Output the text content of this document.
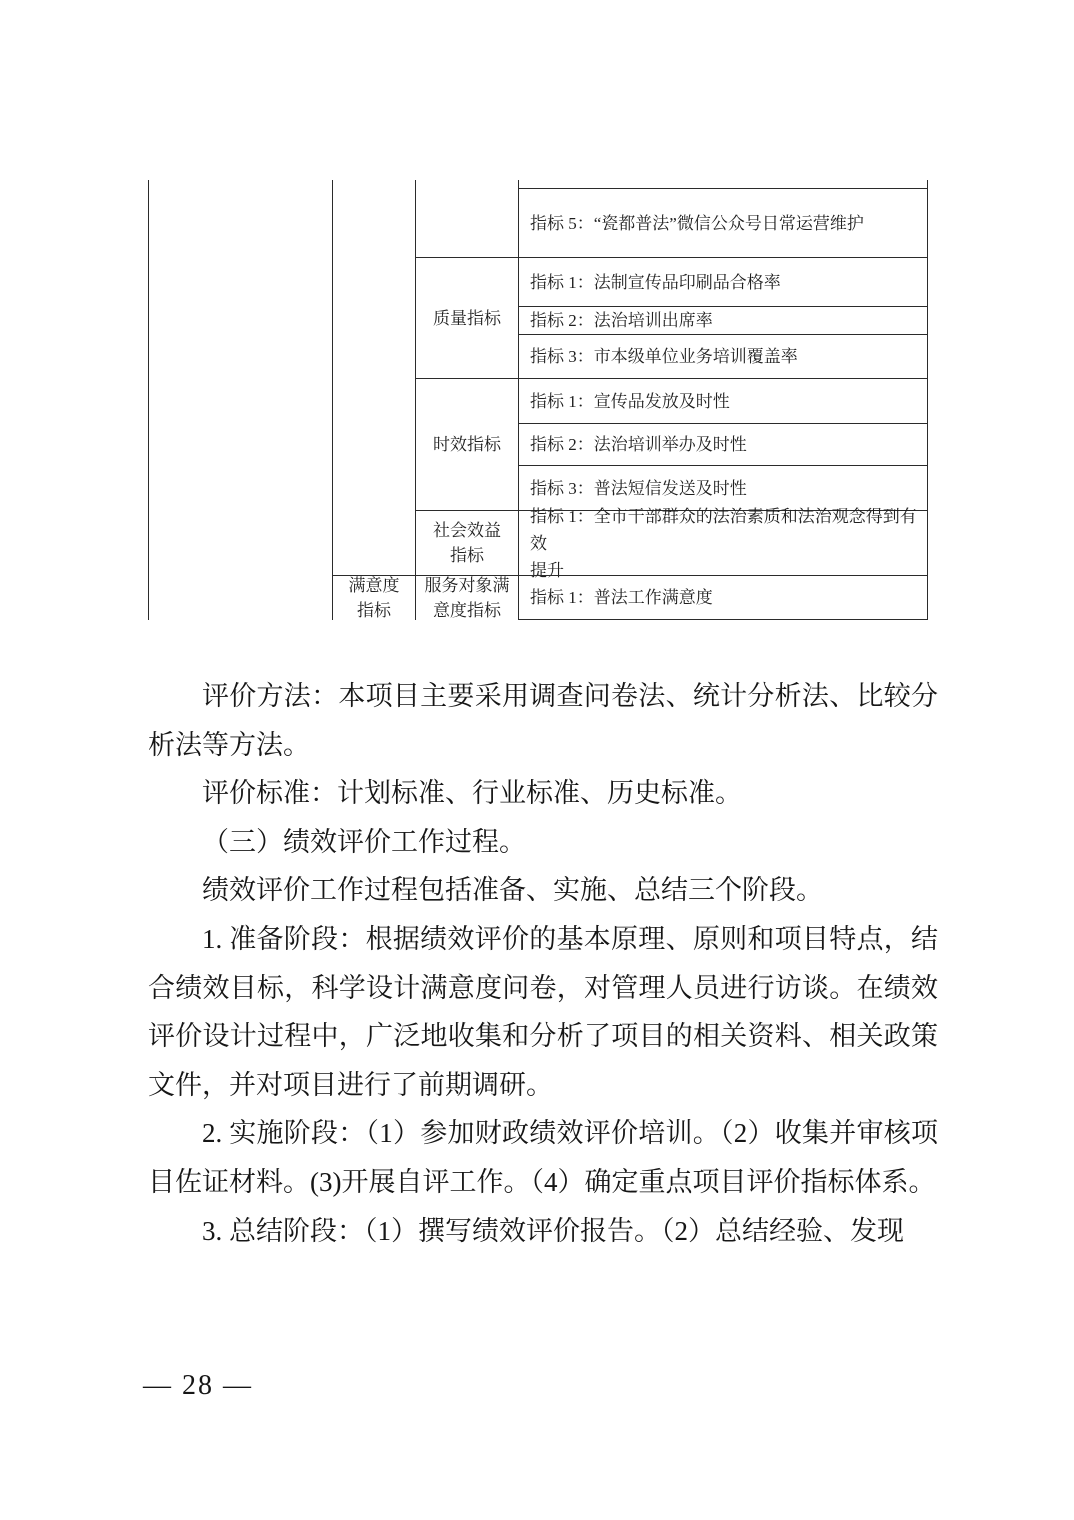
满意度
指标
质量指标
时效指标
社会效益
指标
服务对象满
意度指标
指标 5：“瓷都普法”微信公众号日常运营维护
指标 1：法制宣传品印刷品合格率
指标 2：法治培训出席率
指标 3：市本级单位业务培训覆盖率
指标 1：宣传品发放及时性
指标 2：法治培训举办及时性
指标 3：普法短信发送及时性
指标 1：全市干部群众的法治素质和法治观念得到有效
提升
指标 1：普法工作满意度

评价方法：本项目主要采用调查问卷法、统计分析法、比较分析法等方法。

评价标准：计划标准、行业标准、历史标准。

（三）绩效评价工作过程。

绩效评价工作过程包括准备、实施、总结三个阶段。

1. 准备阶段：根据绩效评价的基本原理、原则和项目特点，结合绩效目标，科学设计满意度问卷，对管理人员进行访谈。在绩效评价设计过程中，广泛地收集和分析了项目的相关资料、相关政策文件，并对项目进行了前期调研。

2. 实施阶段：（1）参加财政绩效评价培训。（2）收集并审核项目佐证材料。(3)开展自评工作。（4）确定重点项目评价指标体系。

3. 总结阶段：（1）撰写绩效评价报告。（2）总结经验、发现

— 28 —
